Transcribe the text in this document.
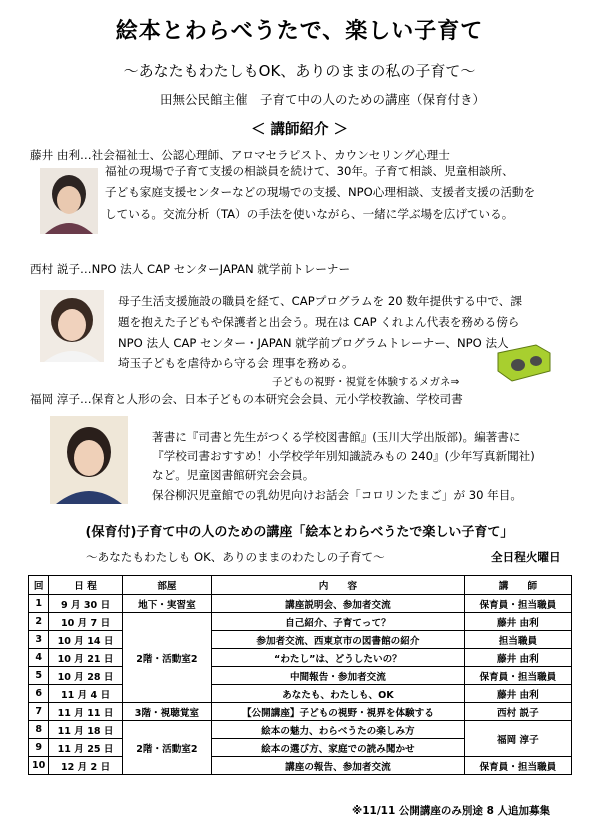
絵本とわらべうたで、楽しい子育て
～あなたもわたしもOK、ありのままの私の子育て～
田無公民館主催　子育て中の人のための講座（保育付き）
＜ 講師紹介 ＞
藤井 由利…社会福祉士、公認心理師、アロマセラピスト、カウンセリング心理士
福祉の現場で子育て支援の相談員を続けて、30年。子育て相談、児童相談所、
子ども家庭支援センターなどの現場での支援、NPO心理相談、支援者支援の活動を
している。交流分析（TA）の手法を使いながら、一緒に学ぶ場を広げている。
西村 説子…NPO 法人 CAP センターJAPAN 就学前トレーナー
母子生活支援施設の職員を経て、CAPプログラムを 20 数年提供する中で、課
題を抱えた子どもや保護者と出会う。現在は CAP くれよん代表を務める傍ら
NPO 法人 CAP センター・JAPAN 就学前プログラムトレーナー、NPO 法人
埼玉子どもを虐待から守る会 理事を務める。
子どもの視野・視覚を体験するメガネ⇒
福岡 淳子…保育と人形の会、日本子どもの本研究会会員、元小学校教諭、学校司書
著書に『司書と先生がつくる学校図書館』(玉川大学出版部)。編著書に
『学校司書おすすめ！小学校学年別知識読みもの 240』(少年写真新聞社)
など。児童図書館研究会会員。
保谷柳沢児童館での乳幼児向けお話会「コロリンたまご」が 30 年目。
(保育付)子育て中の人のための講座「絵本とわらべうたで楽しい子育て」
～あなたもわたしも OK、ありのままのわたしの子育て～	全日程火曜日
回	日 程	部屋	内　　容	講　　師
1	9 月 30 日	地下・実習室	講座説明会、参加者交流	保育員・担当職員
2	10 月 7 日	2階・活動室2	自己紹介、子育てって？	藤井 由利
3	10 月 14 日		参加者交流、西東京市の図書館の紹介	担当職員
4	10 月 21 日		“わたし”は、どうしたいの？	藤井 由利
5	10 月 28 日		中間報告・参加者交流	保育員・担当職員
6	11 月 4 日		あなたも、わたしも、OK	藤井 由利
7	11 月 11 日	3階・視聴覚室	【公開講座】子どもの視野・視界を体験する	西村 説子
8	11 月 18 日	2階・活動室2	絵本の魅力、わらべうたの楽しみ方	福岡 淳子
9	11 月 25 日		絵本の選び方、家庭での読み聞かせ	
10	12 月 2 日		講座の報告、参加者交流	保育員・担当職員
※11/11 公開講座のみ別途 8 人追加募集
